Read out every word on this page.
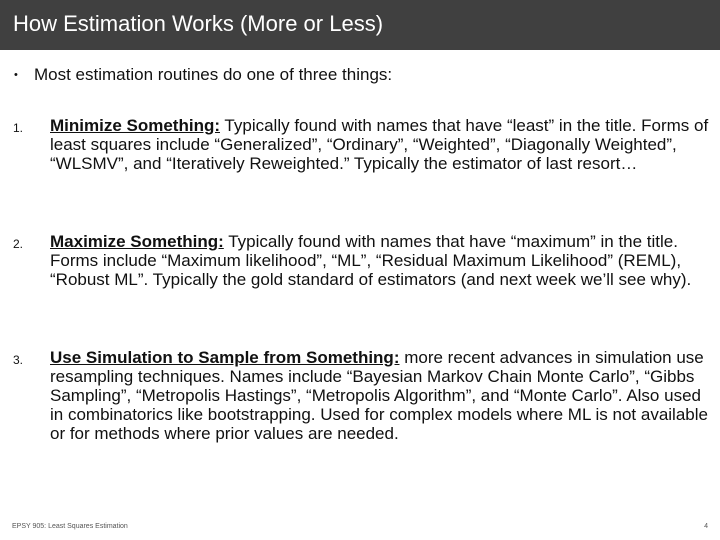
How Estimation Works (More or Less)
• Most estimation routines do one of three things:
1. Minimize Something: Typically found with names that have “least” in the title. Forms of least squares include “Generalized”, “Ordinary”, “Weighted”, “Diagonally Weighted”, “WLSMV”, and “Iteratively Reweighted.” Typically the estimator of last resort…
2. Maximize Something: Typically found with names that have “maximum” in the title. Forms include “Maximum likelihood”, “ML”, “Residual Maximum Likelihood” (REML), “Robust ML”. Typically the gold standard of estimators (and next week we’ll see why).
3. Use Simulation to Sample from Something: more recent advances in simulation use resampling techniques. Names include “Bayesian Markov Chain Monte Carlo”, “Gibbs Sampling”, “Metropolis Hastings”, “Metropolis Algorithm”, and “Monte Carlo”. Also used in combinatorics like bootstrapping. Used for complex models where ML is not available or for methods where prior values are needed.
EPSY 905: Least Squares Estimation	4
